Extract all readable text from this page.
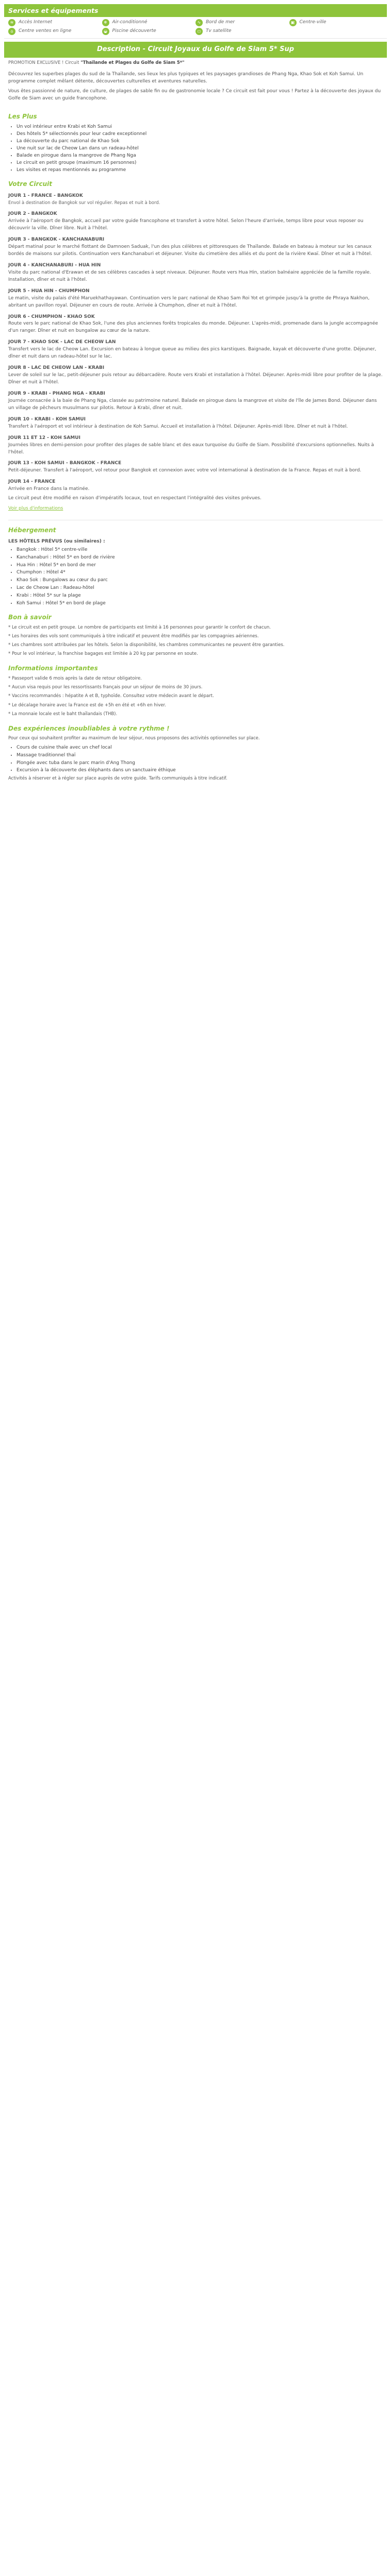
Services et équipements
≋	Accès Internet	❄	Air-conditionné	∿	Bord de mer	▣	Centre-ville
⌂	Centre ventes en ligne	◒	Piscine découverte	▭	Tv satellite
Description - Circuit Joyaux du Golfe de Siam 5* Sup
PROMOTION EXCLUSIVE ! Circuit "Thaïlande et Plages du Golfe de Siam 5*"

Découvrez les superbes plages du sud de la Thaïlande, ses lieux les plus typiques et les paysages grandioses de Phang Nga, Khao Sok et Koh Samui. Un programme complet mêlant détente, découvertes culturelles et aventures naturelles.

Vous êtes passionné de nature, de culture, de plages de sable fin ou de gastronomie locale ? Ce circuit est fait pour vous ! Partez à la découverte des joyaux du Golfe de Siam avec un guide francophone.

Les Plus
• Un vol intérieur entre Krabi et Koh Samui
• Des hôtels 5* sélectionnés pour leur cadre exceptionnel
• La découverte du parc national de Khao Sok
• Une nuit sur lac de Cheow Lan dans un radeau-hôtel
• Balade en pirogue dans la mangrove de Phang Nga
• Le circuit en petit groupe (maximum 16 personnes)
• Les visites et repas mentionnés au programme
Votre Circuit
JOUR 1 - FRANCE - BANGKOK
Envol à destination de Bangkok sur vol régulier. Repas et nuit à bord.
JOUR 2 - BANGKOK
Arrivée à l'aéroport de Bangkok, accueil par votre guide francophone et transfert à votre hôtel. Selon l'heure d'arrivée, temps libre pour vous reposer ou découvrir la ville. Dîner libre. Nuit à l'hôtel.
JOUR 3 - BANGKOK - KANCHANABURI
Départ matinal pour le marché flottant de Damnoen Saduak, l'un des plus célèbres et pittoresques de Thaïlande. Balade en bateau à moteur sur les canaux bordés de maisons sur pilotis. Continuation vers Kanchanaburi et déjeuner. Visite du cimetière des alliés et du pont de la rivière Kwaï. Dîner et nuit à l'hôtel.
JOUR 4 - KANCHANABURI - HUA HIN
Visite du parc national d'Erawan et de ses célèbres cascades à sept niveaux. Déjeuner. Route vers Hua Hin, station balnéaire appréciée de la famille royale. Installation, dîner et nuit à l'hôtel.
JOUR 5 - HUA HIN - CHUMPHON
Le matin, visite du palais d'été Maruekhathayawan. Continuation vers le parc national de Khao Sam Roi Yot et grimpée jusqu'à la grotte de Phraya Nakhon, abritant un pavillon royal. Déjeuner en cours de route. Arrivée à Chumphon, dîner et nuit à l'hôtel.
JOUR 6 - CHUMPHON - KHAO SOK
Route vers le parc national de Khao Sok, l'une des plus anciennes forêts tropicales du monde. Déjeuner. L'après-midi, promenade dans la jungle accompagnée d'un ranger. Dîner et nuit en bungalow au cœur de la nature.
JOUR 7 - KHAO SOK - LAC DE CHEOW LAN
Transfert vers le lac de Cheow Lan. Excursion en bateau à longue queue au milieu des pics karstiques. Baignade, kayak et découverte d'une grotte. Déjeuner, dîner et nuit dans un radeau-hôtel sur le lac.
JOUR 8 - LAC DE CHEOW LAN - KRABI
Lever de soleil sur le lac, petit-déjeuner puis retour au débarcadère. Route vers Krabi et installation à l'hôtel. Déjeuner. Après-midi libre pour profiter de la plage. Dîner et nuit à l'hôtel.
JOUR 9 - KRABI - PHANG NGA - KRABI
Journée consacrée à la baie de Phang Nga, classée au patrimoine naturel. Balade en pirogue dans la mangrove et visite de l'île de James Bond. Déjeuner dans un village de pêcheurs musulmans sur pilotis. Retour à Krabi, dîner et nuit.
JOUR 10 - KRABI - KOH SAMUI
Transfert à l'aéroport et vol intérieur à destination de Koh Samui. Accueil et installation à l'hôtel. Déjeuner. Après-midi libre. Dîner et nuit à l'hôtel.
JOUR 11 ET 12 - KOH SAMUI
Journées libres en demi-pension pour profiter des plages de sable blanc et des eaux turquoise du Golfe de Siam. Possibilité d'excursions optionnelles. Nuits à l'hôtel.
JOUR 13 - KOH SAMUI - BANGKOK - FRANCE
Petit-déjeuner. Transfert à l'aéroport, vol retour pour Bangkok et connexion avec votre vol international à destination de la France. Repas et nuit à bord.
JOUR 14 - FRANCE
Arrivée en France dans la matinée.
Le circuit peut être modifié en raison d'impératifs locaux, tout en respectant l'intégralité des visites prévues.
Voir plus d'informations
Hébergement
LES HÔTELS PRÉVUS (ou similaires) :
• Bangkok : Hôtel 5* centre-ville
• Kanchanaburi : Hôtel 5* en bord de rivière
• Hua Hin : Hôtel 5* en bord de mer
• Chumphon : Hôtel 4*
• Khao Sok : Bungalows au cœur du parc
• Lac de Cheow Lan : Radeau-hôtel
• Krabi : Hôtel 5* sur la plage
• Koh Samui : Hôtel 5* en bord de plage
Bon à savoir

* Le circuit est en petit groupe. Le nombre de participants est limité à 16 personnes pour garantir le confort de chacun.

* Les horaires des vols sont communiqués à titre indicatif et peuvent être modifiés par les compagnies aériennes.

* Les chambres sont attribuées par les hôtels. Selon la disponibilité, les chambres communicantes ne peuvent être garanties.

* Pour le vol intérieur, la franchise bagages est limitée à 20 kg par personne en soute.

Informations importantes

* Passeport valide 6 mois après la date de retour obligatoire.

* Aucun visa requis pour les ressortissants français pour un séjour de moins de 30 jours.

* Vaccins recommandés : hépatite A et B, typhoïde. Consultez votre médecin avant le départ.

* Le décalage horaire avec la France est de +5h en été et +6h en hiver.

* La monnaie locale est le baht thaïlandais (THB).

Des expériences inoubliables à votre rythme !

Pour ceux qui souhaitent profiter au maximum de leur séjour, nous proposons des activités optionnelles sur place.

• Cours de cuisine thaïe avec un chef local
• Massage traditionnel thaï
• Plongée avec tuba dans le parc marin d'Ang Thong
• Excursion à la découverte des éléphants dans un sanctuaire éthique
Activités à réserver et à régler sur place auprès de votre guide. Tarifs communiqués à titre indicatif.
